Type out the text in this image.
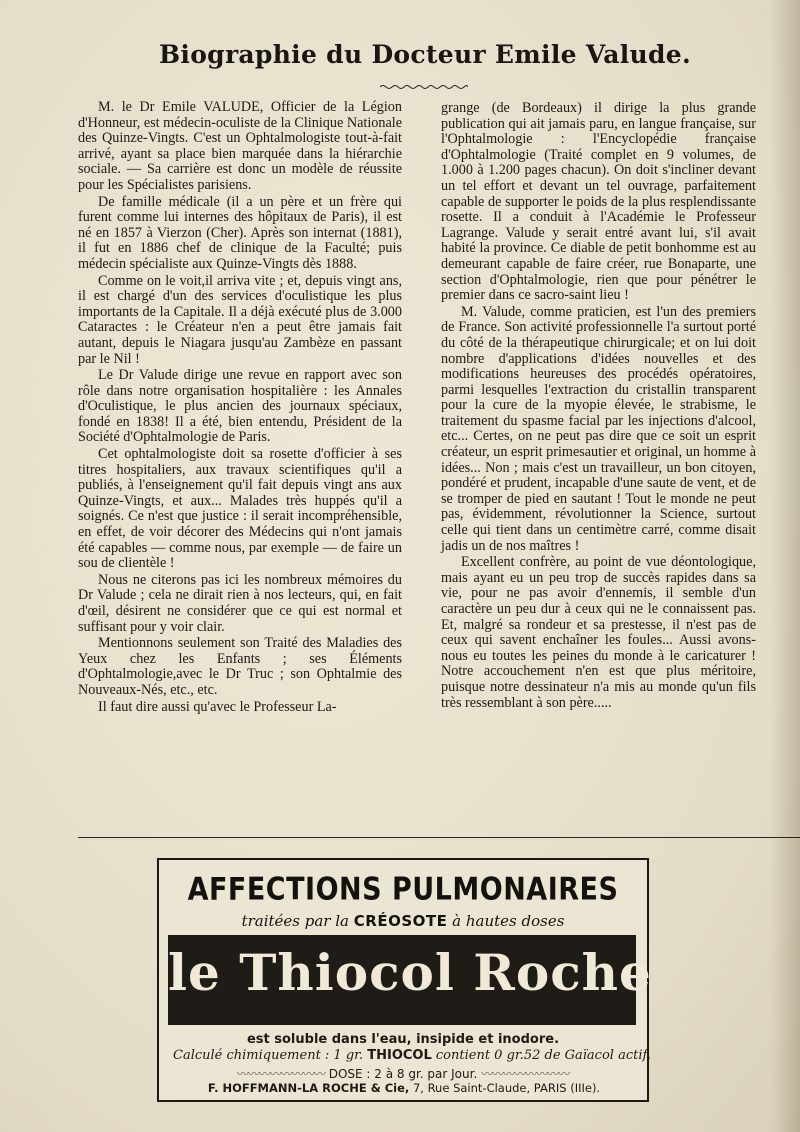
Biographie du Docteur Emile Valude.

M. le Dr Emile VALUDE, Officier de la Légion d'Honneur, est médecin-oculiste de la Clinique Nationale des Quinze-Vingts. C'est un Ophtalmologiste tout-à-fait arrivé, ayant sa place bien marquée dans la hiérarchie sociale. — Sa carrière est donc un modèle de réussite pour les Spécialistes parisiens.

De famille médicale (il a un père et un frère qui furent comme lui internes des hôpitaux de Paris), il est né en 1857 à Vierzon (Cher). Après son internat (1881), il fut en 1886 chef de clinique de la Faculté; puis médecin spécialiste aux Quinze-Vingts dès 1888.

Comme on le voit,il arriva vite ; et, depuis vingt ans, il est chargé d'un des services d'oculistique les plus importants de la Capitale. Il a déjà exécuté plus de 3.000 Cataractes : le Créateur n'en a peut être jamais fait autant, depuis le Niagara jusqu'au Zambèze en passant par le Nil !

Le Dr Valude dirige une revue en rapport avec son rôle dans notre organisation hospitalière : les Annales d'Oculistique, le plus ancien des journaux spéciaux, fondé en 1838! Il a été, bien entendu, Président de la Société d'Ophtalmologie de Paris.

Cet ophtalmologiste doit sa rosette d'officier à ses titres hospitaliers, aux travaux scientifiques qu'il a publiés, à l'enseignement qu'il fait depuis vingt ans aux Quinze-Vingts, et aux... Malades très huppés qu'il a soignés. Ce n'est que justice : il serait incompréhensible, en effet, de voir décorer des Médecins qui n'ont jamais été capables — comme nous, par exemple — de faire un sou de clientèle !

Nous ne citerons pas ici les nombreux mémoires du Dr Valude ; cela ne dirait rien à nos lecteurs, qui, en fait d'œil, désirent ne considérer que ce qui est normal et suffisant pour y voir clair.

Mentionnons seulement son Traité des Maladies des Yeux chez les Enfants ; ses Éléments d'Ophtalmologie,avec le Dr Truc ; son Ophtalmie des Nouveaux-Nés, etc., etc.

Il faut dire aussi qu'avec le Professeur La-

grange (de Bordeaux) il dirige la plus grande publication qui ait jamais paru, en langue française, sur l'Ophtalmologie : l'Encyclopédie française d'Ophtalmologie (Traité complet en 9 volumes, de 1.000 à 1.200 pages chacun). On doit s'incliner devant un tel effort et devant un tel ouvrage, parfaitement capable de supporter le poids de la plus resplendissante rosette. Il a conduit à l'Académie le Professeur Lagrange. Valude y serait entré avant lui, s'il avait habité la province. Ce diable de petit bonhomme est au demeurant capable de faire créer, rue Bonaparte, une section d'Ophtalmologie, rien que pour pénétrer le premier dans ce sacro-saint lieu !

M. Valude, comme praticien, est l'un des premiers de France. Son activité professionnelle l'a surtout porté du côté de la thérapeutique chirurgicale; et on lui doit nombre d'applications d'idées nouvelles et des modifications heureuses des procédés opératoires, parmi lesquelles l'extraction du cristallin transparent pour la cure de la myopie élevée, le strabisme, le traitement du spasme facial par les injections d'alcool, etc... Certes, on ne peut pas dire que ce soit un esprit créateur, un esprit primesautier et original, un homme à idées... Non ; mais c'est un travailleur, un bon citoyen, pondéré et prudent, incapable d'une saute de vent, et de se tromper de pied en sautant ! Tout le monde ne peut pas, évidemment, révolutionner la Science, surtout celle qui tient dans un centimètre carré, comme disait jadis un de nos maîtres !

Excellent confrère, au point de vue déontologique, mais ayant eu un peu trop de succès rapides dans sa vie, pour ne pas avoir d'ennemis, il semble d'un caractère un peu dur à ceux qui ne le connaissent pas. Et, malgré sa rondeur et sa prestesse, il n'est pas de ceux qui savent enchaîner les foules... Aussi avons-nous eu toutes les peines du monde à le caricaturer ! Notre accouchement n'en est que plus méritoire, puisque notre dessinateur n'a mis au monde qu'un fils très ressemblant à son père.....

AFFECTIONS PULMONAIRES
traitées par la CRÉOSOTE à hautes doses
le Thiocol Roche
est soluble dans l'eau, insipide et inodore.
Calculé chimiquement : 1 gr. THIOCOL contient 0 gr.52 de Gaïacol actif.
〰〰〰〰〰〰〰〰 DOSE : 2 à 8 gr. par Jour. 〰〰〰〰〰〰〰〰
F. HOFFMANN-LA ROCHE & Cie, 7, Rue Saint-Claude, PARIS (IIIe).
